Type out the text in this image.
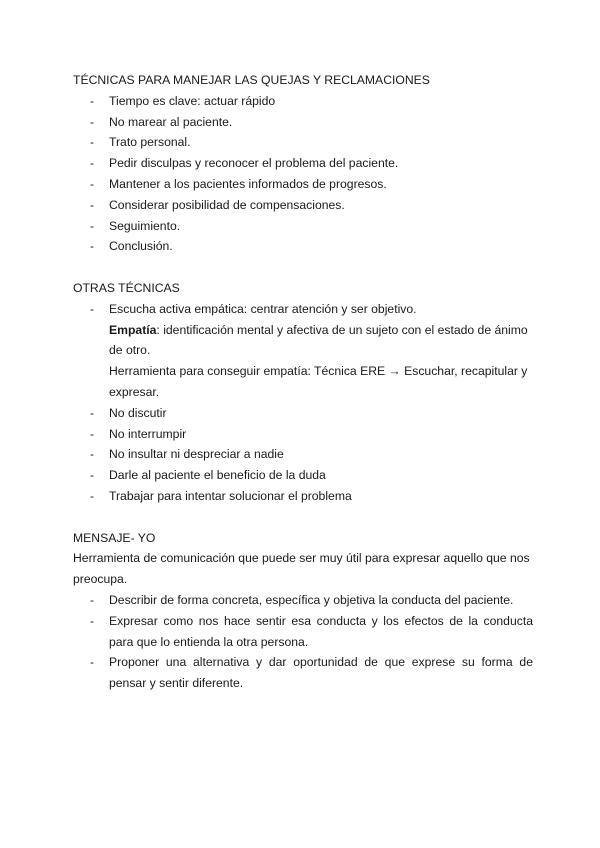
TÉCNICAS PARA MANEJAR LAS QUEJAS Y RECLAMACIONES
- Tiempo es clave: actuar rápido
- No marear al paciente.
- Trato personal.
- Pedir disculpas y reconocer el problema del paciente.
- Mantener a los pacientes informados de progresos.
- Considerar posibilidad de compensaciones.
- Seguimiento.
- Conclusión.
OTRAS TÉCNICAS
- Escucha activa empática: centrar atención y ser objetivo.
Empatía: identificación mental y afectiva de un sujeto con el estado de ánimo
de otro.
Herramienta para conseguir empatía: Técnica ERE → Escuchar, recapitular y
expresar.
- No discutir
- No interrumpir
- No insultar ni despreciar a nadie
- Darle al paciente el beneficio de la duda
- Trabajar para intentar solucionar el problema
MENSAJE- YO
Herramienta de comunicación que puede ser muy útil para expresar aquello que nos
preocupa.
- Describir de forma concreta, específica y objetiva la conducta del paciente.
- Expresar como nos hace sentir esa conducta y los efectos de la conducta
para que lo entienda la otra persona.
- Proponer una alternativa y dar oportunidad de que exprese su forma de
pensar y sentir diferente.
